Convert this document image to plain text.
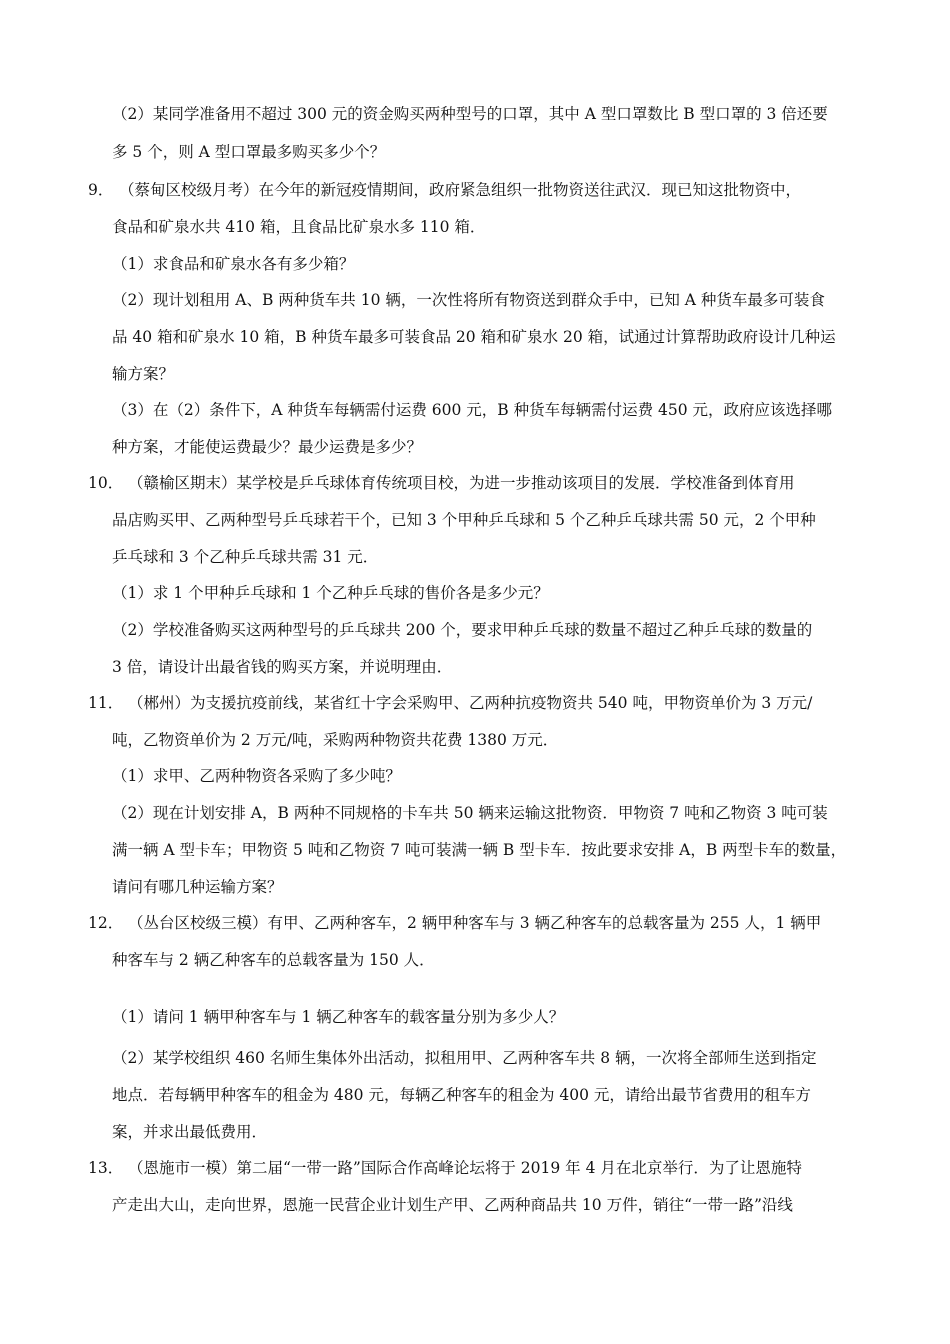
（2）某同学准备用不超过 300 元的资金购买两种型号的口罩，其中 A 型口罩数比 B 型口罩的 3 倍还要
多 5 个，则 A 型口罩最多购买多少个？
9． （蔡甸区校级月考）在今年的新冠疫情期间，政府紧急组织一批物资送往武汉．现已知这批物资中，
食品和矿泉水共 410 箱，且食品比矿泉水多 110 箱．
（1）求食品和矿泉水各有多少箱？
（2）现计划租用 A、B 两种货车共 10 辆，一次性将所有物资送到群众手中，已知 A 种货车最多可装食
品 40 箱和矿泉水 10 箱，B 种货车最多可装食品 20 箱和矿泉水 20 箱，试通过计算帮助政府设计几种运
输方案？
（3）在（2）条件下，A 种货车每辆需付运费 600 元，B 种货车每辆需付运费 450 元，政府应该选择哪
种方案，才能使运费最少？最少运费是多少？
10． （赣榆区期末）某学校是乒乓球体育传统项目校，为进一步推动该项目的发展．学校准备到体育用
品店购买甲、乙两种型号乒乓球若干个，已知 3 个甲种乒乓球和 5 个乙种乒乓球共需 50 元，2 个甲种
乒乓球和 3 个乙种乒乓球共需 31 元．
（1）求 1 个甲种乒乓球和 1 个乙种乒乓球的售价各是多少元？
（2）学校准备购买这两种型号的乒乓球共 200 个，要求甲种乒乓球的数量不超过乙种乒乓球的数量的
3 倍，请设计出最省钱的购买方案，并说明理由．
11． （郴州）为支援抗疫前线，某省红十字会采购甲、乙两种抗疫物资共 540 吨，甲物资单价为 3 万元/
吨，乙物资单价为 2 万元/吨，采购两种物资共花费 1380 万元．
（1）求甲、乙两种物资各采购了多少吨？
（2）现在计划安排 A，B 两种不同规格的卡车共 50 辆来运输这批物资．甲物资 7 吨和乙物资 3 吨可装
满一辆 A 型卡车；甲物资 5 吨和乙物资 7 吨可装满一辆 B 型卡车．按此要求安排 A，B 两型卡车的数量，
请问有哪几种运输方案？
12． （丛台区校级三模）有甲、乙两种客车，2 辆甲种客车与 3 辆乙种客车的总载客量为 255 人，1 辆甲
种客车与 2 辆乙种客车的总载客量为 150 人．
（1）请问 1 辆甲种客车与 1 辆乙种客车的载客量分别为多少人？
（2）某学校组织 460 名师生集体外出活动，拟租用甲、乙两种客车共 8 辆，一次将全部师生送到指定
地点．若每辆甲种客车的租金为 480 元，每辆乙种客车的租金为 400 元，请给出最节省费用的租车方
案，并求出最低费用．
13． （恩施市一模）第二届“一带一路”国际合作高峰论坛将于 2019 年 4 月在北京举行．为了让恩施特
产走出大山，走向世界，恩施一民营企业计划生产甲、乙两种商品共 10 万件，销往“一带一路”沿线
